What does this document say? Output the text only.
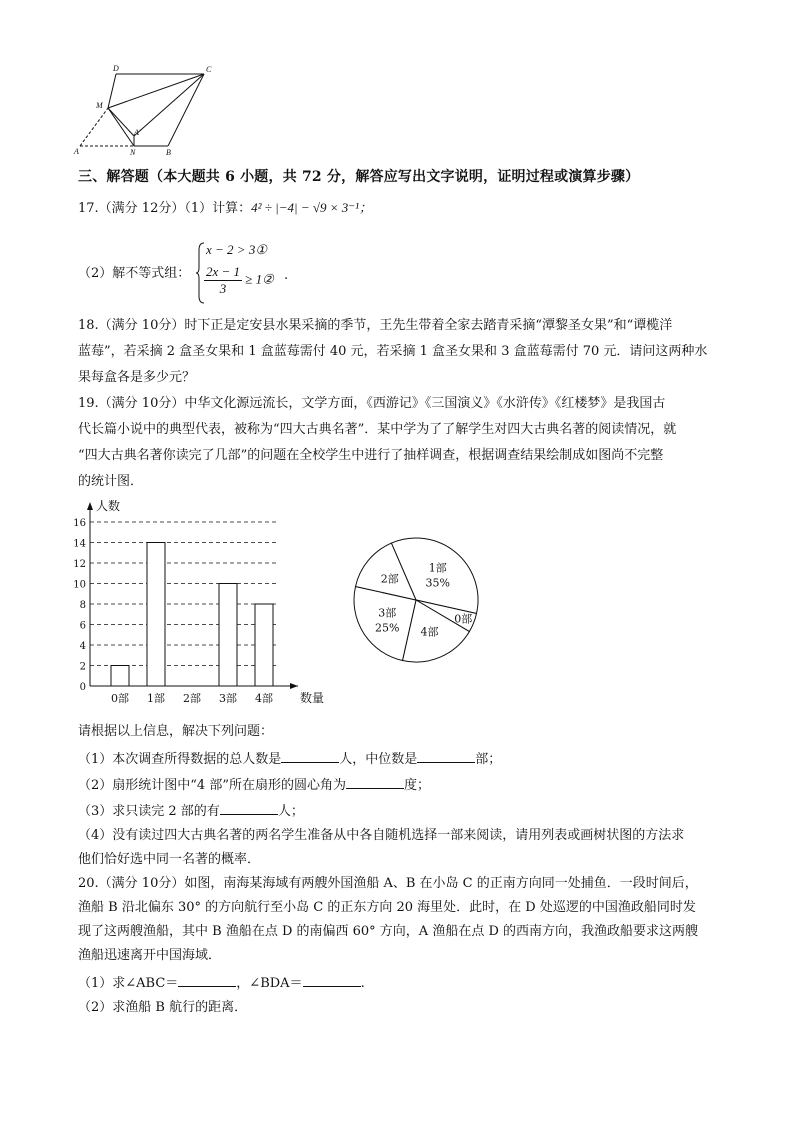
D	C
M
A'
A	N	B
三、解答题（本大题共 6 小题，共 72 分，解答应写出文字说明，证明过程或演算步骤）
17.（满分 12分）（1）计算：4² ÷ |−4| − √9 × 3⁻¹；
（2）解不等式组：
x − 2 > 3①
$\frac{2x - 1}{3}$ ≥ 1② .
18.（满分 10分）时下正是定安县水果采摘的季节，王先生带着全家去踏青采摘“潭黎圣女果”和“谭榄洋
蓝莓”，若采摘 2 盒圣女果和 1 盒蓝莓需付 40 元，若采摘 1 盒圣女果和 3 盒蓝莓需付 70 元．请问这两种水
果每盒各是多少元？
19.（满分 10分）中华文化源远流长，文学方面，《西游记》《三国演义》《水浒传》《红楼梦》是我国古
代长篇小说中的典型代表，被称为“四大古典名著”．某中学为了了解学生对四大古典名著的阅读情况，就
“四大古典名著你读完了几部”的问题在全校学生中进行了抽样调查，根据调查结果绘制成如图尚不完整
的统计图．
0
2
4
6
8
10
12
14
16
人数
数量
0部 1部 2部 3部 4部
1部
35%
0部
4部
3部
25%
2部
请根据以上信息，解决下列问题：
（1）本次调查所得数据的总人数是	人，中位数是	部；
（2）扇形统计图中“4 部”所在扇形的圆心角为	度；
（3）求只读完 2 部的有	人；
（4）没有读过四大古典名著的两名学生准备从中各自随机选择一部来阅读，请用列表或画树状图的方法求
他们恰好选中同一名著的概率．
20.（满分 10分）如图，南海某海域有两艘外国渔船 A、B 在小岛 C 的正南方向同一处捕鱼．一段时间后，
渔船 B 沿北偏东 30° 的方向航行至小岛 C 的正东方向 20 海里处．此时，在 D 处巡逻的中国渔政船同时发
现了这两艘渔船，其中 B 渔船在点 D 的南偏西 60° 方向，A 渔船在点 D 的西南方向，我渔政船要求这两艘
渔船迅速离开中国海域．
（1）求∠ABC＝	，∠BDA＝	.
（2）求渔船 B 航行的距离．
